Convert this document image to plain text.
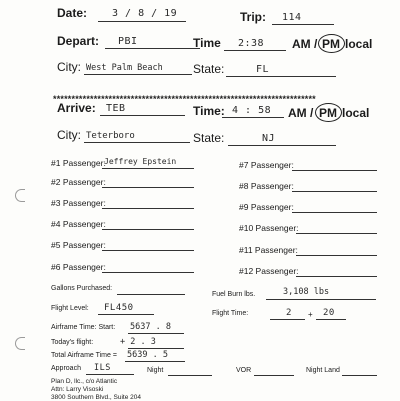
Date: 3 / 8 / 19	Trip: 114
Depart: PBI	Time 2:38 AM / PM local
City: West Palm Beach	State:	FL
***********************************************************************
Arrive: TEB	Time: 4 : 58 AM / PM local
City: Teterboro	State:	NJ
#1 Passenger:
Jeffrey Epstein
#2 Passenger:
#3 Passenger:
#4 Passenger:
#5 Passenger:
#6 Passenger:
#7 Passenger:
#8 Passenger:
#9 Passenger:
#10 Passenger:
#11 Passenger:
#12 Passenger:
Gallons Purchased:
Fuel Burn lbs.	3,108 lbs
Flight Level: FL450
Flight Time:	2 + 20
Airframe Time: Start: 5637 . 8
Today's flight:	+ 2 . 3
Total Airframe Time = 5639 . 5
Approach ILS	Night	VOR	Night Land
Plan D, llc., c/o Atlantic
Attn: Larry Visoski
3800 Southern Blvd., Suite 204
